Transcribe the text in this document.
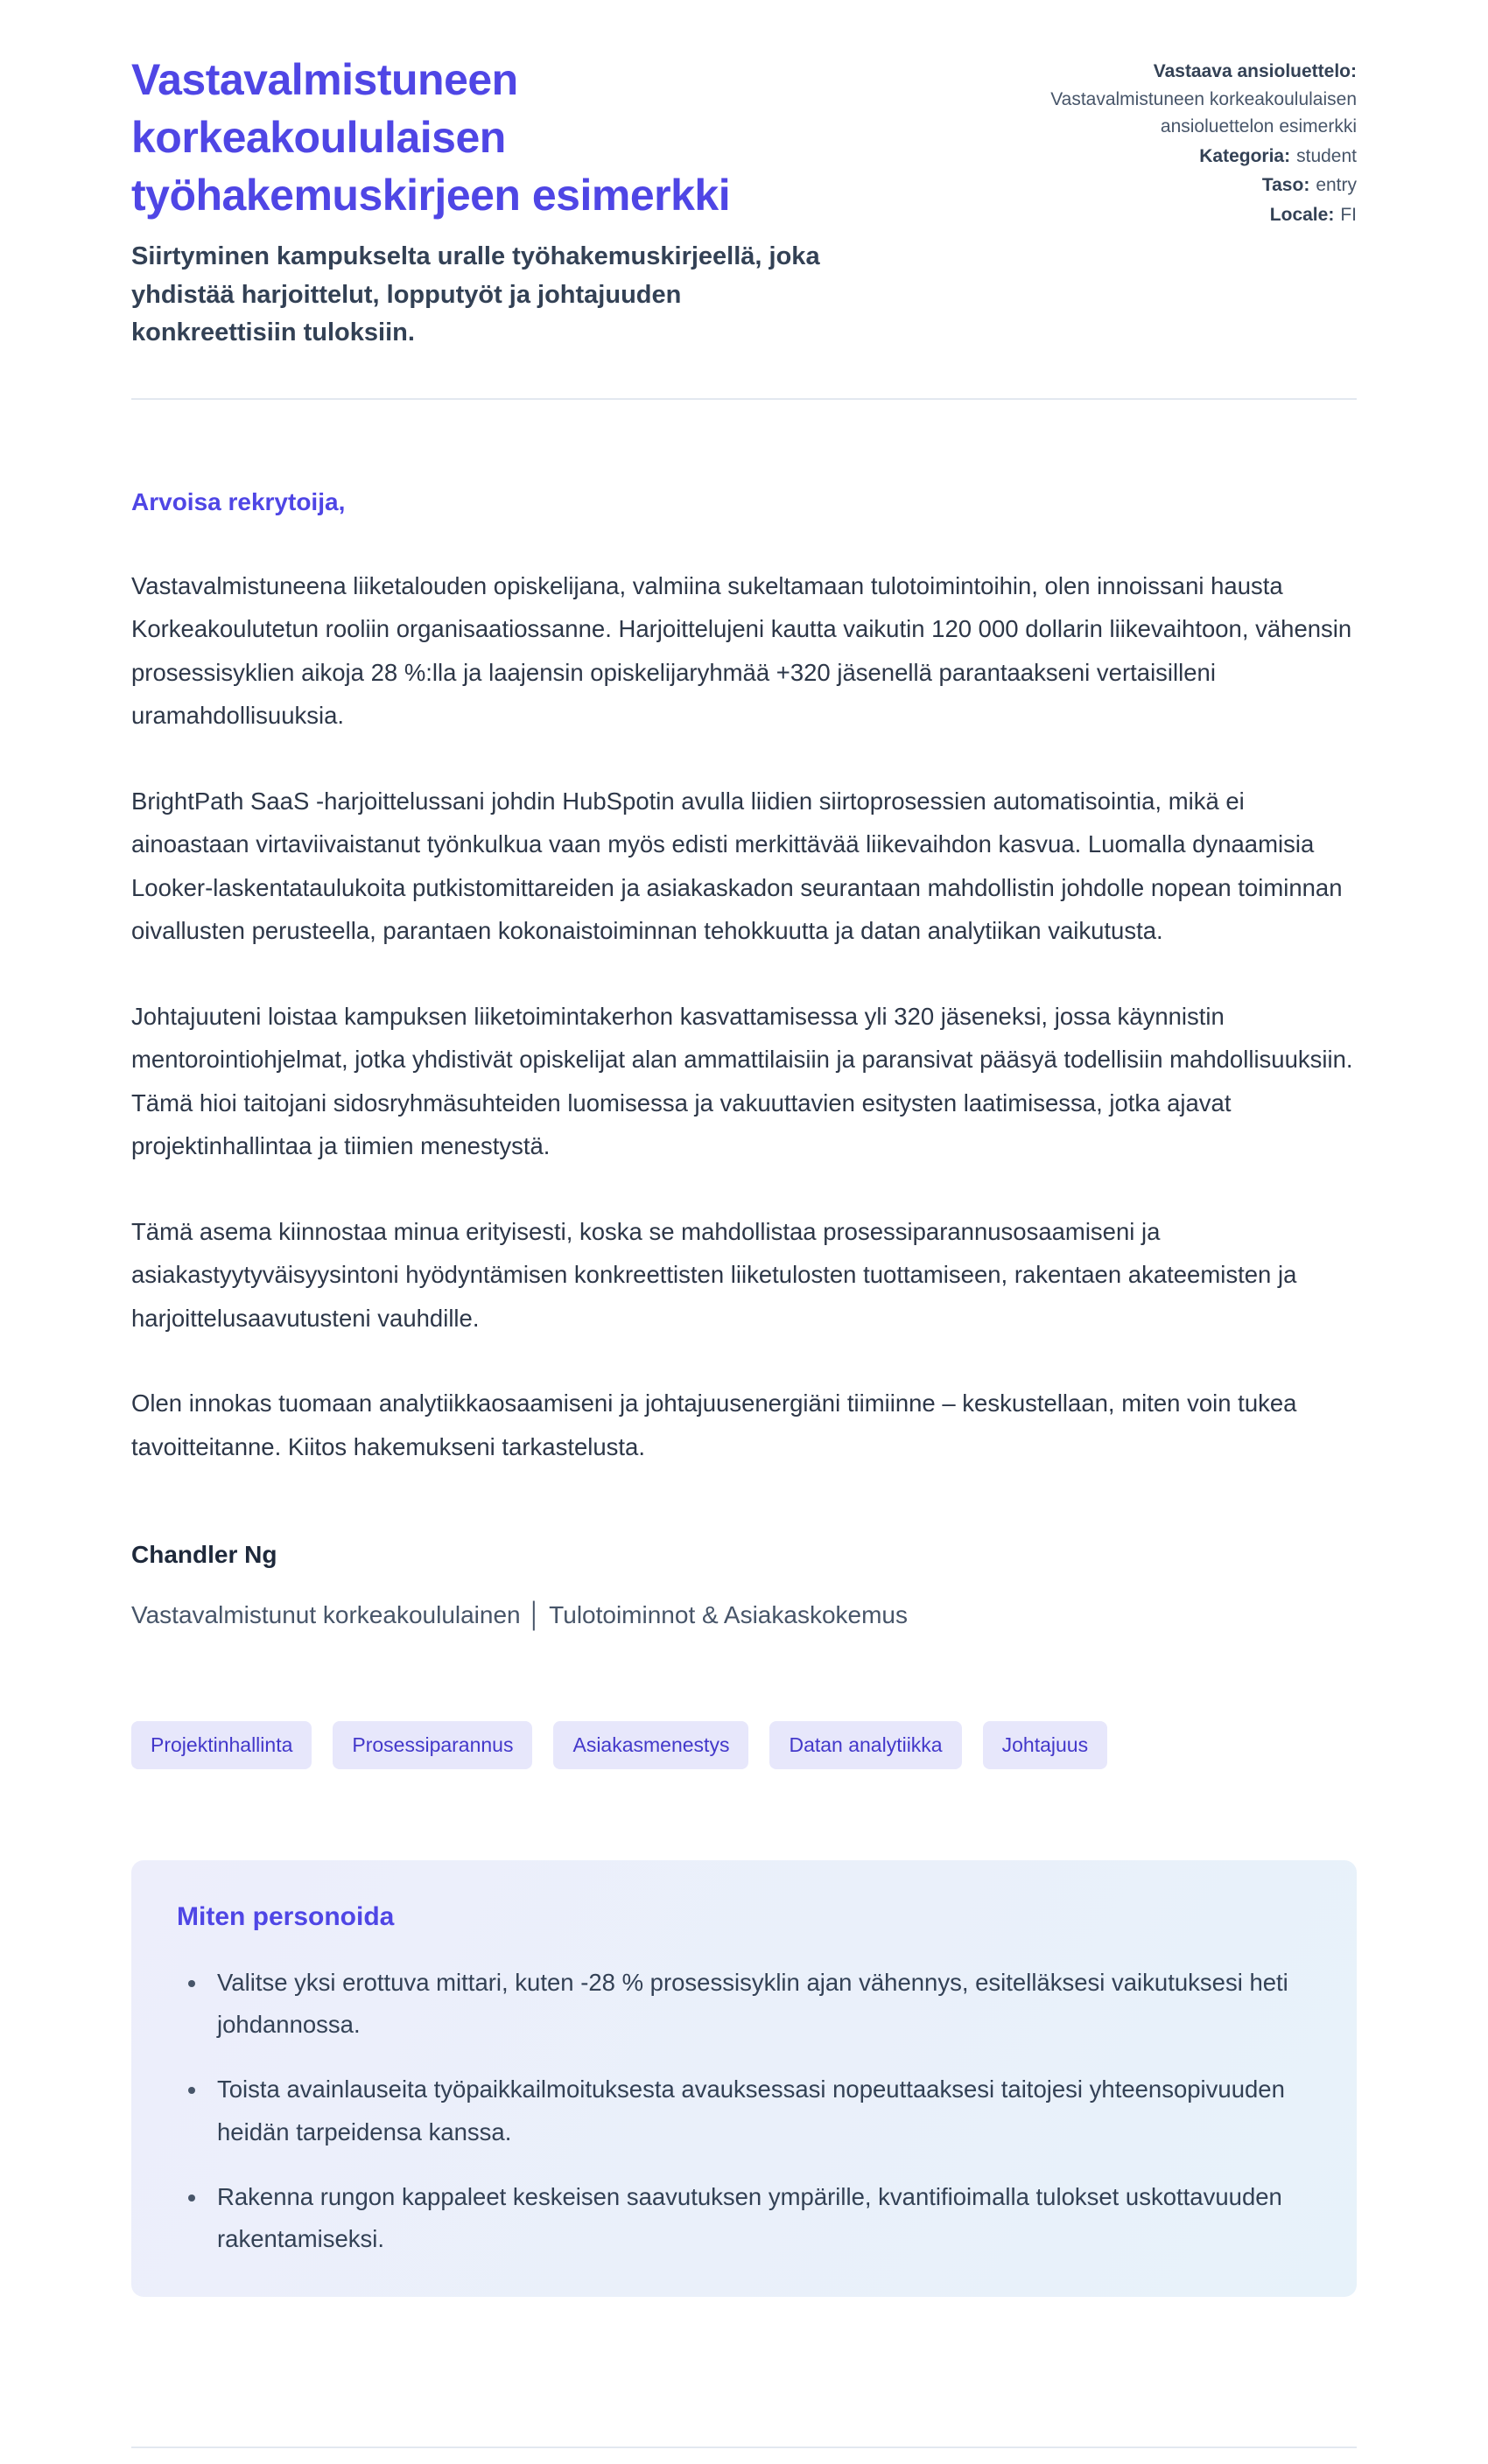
Vastavalmistuneen
korkeakoululaisen
työhakemuskirjeen esimerkki
Siirtyminen kampukselta uralle työhakemuskirjeellä, joka yhdistää harjoittelut, lopputyöt ja johtajuuden konkreettisiin tuloksiin.
Vastaava ansioluettelo:
Vastavalmistuneen korkeakoululaisen ansioluettelon esimerkki
Kategoria: student
Taso: entry
Locale: FI
Arvoisa rekrytoija,

Vastavalmistuneena liiketalouden opiskelijana, valmiina sukeltamaan tulotoimintoihin, olen innoissani hausta Korkeakoulutetun rooliin organisaatiossanne. Harjoittelujeni kautta vaikutin 120 000 dollarin liikevaihtoon, vähensin prosessisyklien aikoja 28 %:lla ja laajensin opiskelijaryhmää +320 jäsenellä parantaakseni vertaisilleni uramahdollisuuksia.

BrightPath SaaS -harjoittelussani johdin HubSpotin avulla liidien siirtoprosessien automatisointia, mikä ei ainoastaan virtaviivaistanut työnkulkua vaan myös edisti merkittävää liikevaihdon kasvua. Luomalla dynaamisia Looker-laskentataulukoita putkistomittareiden ja asiakaskadon seurantaan mahdollistin johdolle nopean toiminnan oivallusten perusteella, parantaen kokonaistoiminnan tehokkuutta ja datan analytiikan vaikutusta.

Johtajuuteni loistaa kampuksen liiketoimintakerhon kasvattamisessa yli 320 jäseneksi, jossa käynnistin mentorointiohjelmat, jotka yhdistivät opiskelijat alan ammattilaisiin ja paransivat pääsyä todellisiin mahdollisuuksiin. Tämä hioi taitojani sidosryhmäsuhteiden luomisessa ja vakuuttavien esitysten laatimisessa, jotka ajavat projektinhallintaa ja tiimien menestystä.

Tämä asema kiinnostaa minua erityisesti, koska se mahdollistaa prosessiparannusosaamiseni ja asiakastyytyväisyysintoni hyödyntämisen konkreettisten liiketulosten tuottamiseen, rakentaen akateemisten ja harjoittelusaavutusteni vauhdille.

Olen innokas tuomaan analytiikkaosaamiseni ja johtajuusenergiäni tiimiinne – keskustellaan, miten voin tukea tavoitteitanne. Kiitos hakemukseni tarkastelusta.

Chandler Ng
Vastavalmistunut korkeakoululainen │ Tulotoiminnot & Asiakaskokemus
Projektinhallinta	Prosessiparannus	Asiakasmenestys	Datan analytiikka	Johtajuus
Miten personoida
• Valitse yksi erottuva mittari, kuten -28 % prosessisyklin ajan vähennys, esitelläksesi vaikutuksesi heti johdannossa.
• Toista avainlauseita työpaikkailmoituksesta avauksessasi nopeuttaaksesi taitojesi yhteensopivuuden heidän tarpeidensa kanssa.
• Rakenna rungon kappaleet keskeisen saavutuksen ympärille, kvantifioimalla tulokset uskottavuuden rakentamiseksi.
